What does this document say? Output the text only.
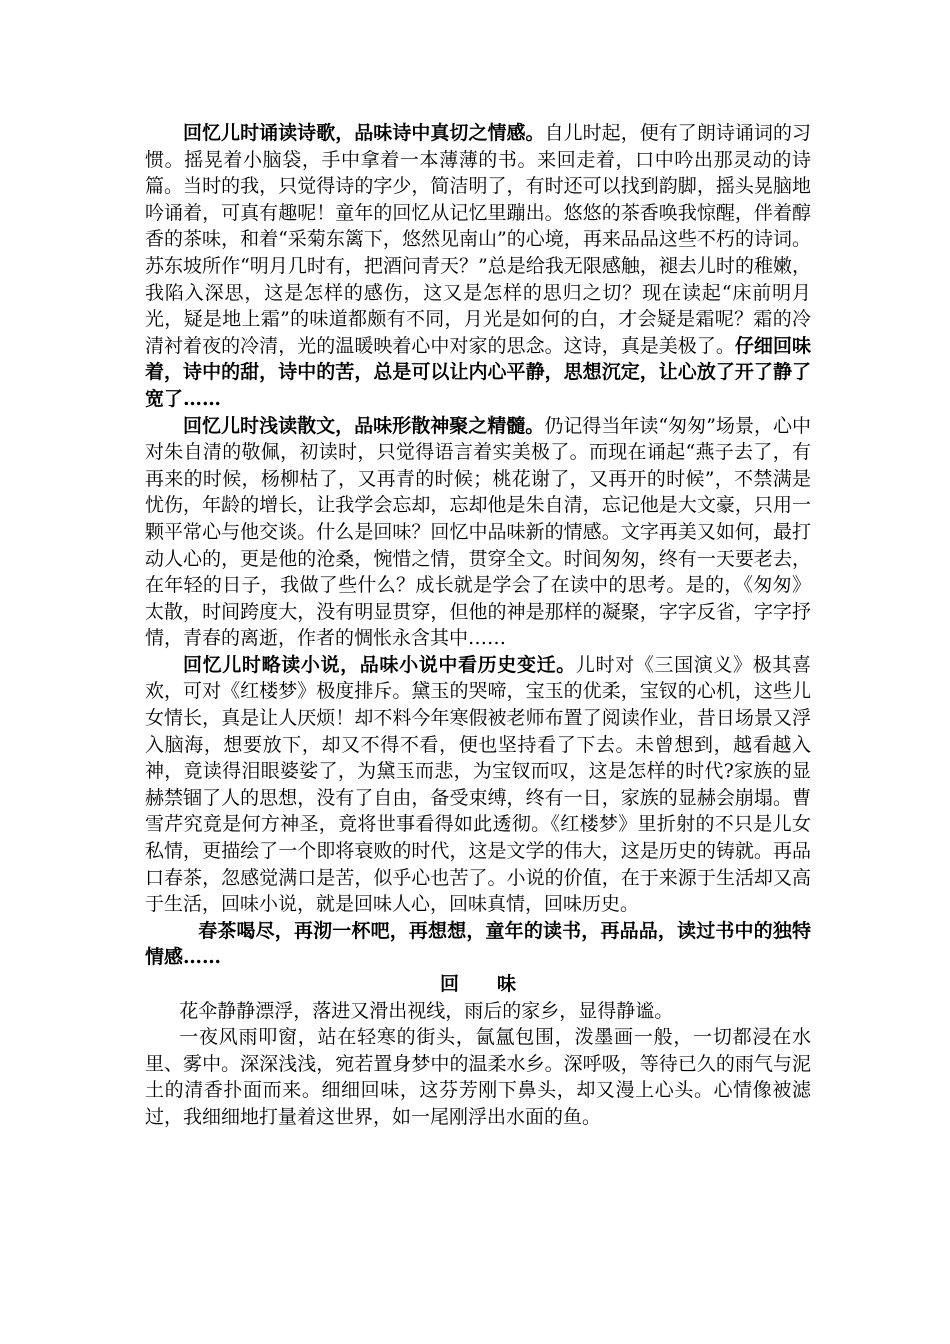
回忆儿时诵读诗歌，品味诗中真切之情感。自儿时起，便有了朗诗诵词的习惯。摇晃着小脑袋，手中拿着一本薄薄的书。来回走着，口中吟出那灵动的诗篇。当时的我，只觉得诗的字少，简洁明了，有时还可以找到韵脚，摇头晃脑地吟诵着，可真有趣呢！童年的回忆从记忆里蹦出。悠悠的茶香唤我惊醒，伴着醇香的茶味，和着“采菊东篱下，悠然见南山”的心境，再来品品这些不朽的诗词。苏东坡所作“明月几时有，把酒问青天？”总是给我无限感触，褪去儿时的稚嫩，我陷入深思，这是怎样的感伤，这又是怎样的思归之切？现在读起“床前明月光，疑是地上霜”的味道都颇有不同，月光是如何的白，才会疑是霜呢？霜的冷清衬着夜的冷清，光的温暖映着心中对家的思念。这诗，真是美极了。仔细回味着，诗中的甜，诗中的苦，总是可以让内心平静，思想沉定，让心放了开了静了宽了……

回忆儿时浅读散文，品味形散神聚之精髓。仍记得当年读“匆匆”场景，心中对朱自清的敬佩，初读时，只觉得语言着实美极了。而现在诵起“燕子去了，有再来的时候，杨柳枯了，又再青的时候；桃花谢了，又再开的时候”，不禁满是忧伤，年龄的增长，让我学会忘却，忘却他是朱自清，忘记他是大文豪，只用一颗平常心与他交谈。什么是回味？回忆中品味新的情感。文字再美又如何，最打动人心的，更是他的沧桑，惋惜之情，贯穿全文。时间匆匆，终有一天要老去，在年轻的日子，我做了些什么？成长就是学会了在读中的思考。是的，《匆匆》太散，时间跨度大，没有明显贯穿，但他的神是那样的凝聚，字字反省，字字抒情，青春的离逝，作者的惆怅永含其中……

回忆儿时略读小说，品味小说中看历史变迁。儿时对《三国演义》极其喜欢，可对《红楼梦》极度排斥。黛玉的哭啼，宝玉的优柔，宝钗的心机，这些儿女情长，真是让人厌烦！却不料今年寒假被老师布置了阅读作业，昔日场景又浮入脑海，想要放下，却又不得不看，便也坚持看了下去。未曾想到，越看越入神，竟读得泪眼婆娑了，为黛玉而悲，为宝钗而叹，这是怎样的时代?家族的显赫禁锢了人的思想，没有了自由，备受束缚，终有一日，家族的显赫会崩塌。曹雪芹究竟是何方神圣，竟将世事看得如此透彻。《红楼梦》里折射的不只是儿女私情，更描绘了一个即将衰败的时代，这是文学的伟大，这是历史的铸就。再品口春茶，忽感觉满口是苦，似乎心也苦了。小说的价值，在于来源于生活却又高于生活，回味小说，就是回味人心，回味真情，回味历史。

春茶喝尽，再沏一杯吧，再想想，童年的读书，再品品，读过书中的独特情感……

回味

花伞静静漂浮，落进又滑出视线，雨后的家乡，显得静谧。

一夜风雨叩窗，站在轻寒的街头，氤氲包围，泼墨画一般，一切都浸在水里、雾中。深深浅浅，宛若置身梦中的温柔水乡。深呼吸，等待已久的雨气与泥土的清香扑面而来。细细回味，这芬芳刚下鼻头，却又漫上心头。心情像被滤过，我细细地打量着这世界，如一尾刚浮出水面的鱼。
